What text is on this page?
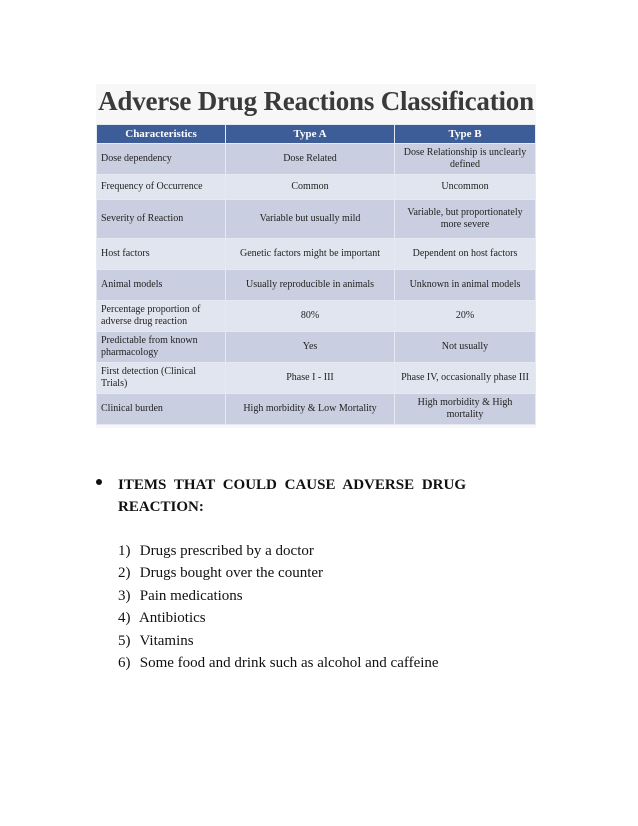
Adverse Drug Reactions Classification
Characteristics	Type A	Type B
Dose dependency	Dose Related	Dose Relationship is unclearly defined
Frequency of Occurrence	Common	Uncommon
Severity of Reaction	Variable but usually mild	Variable, but proportionately more severe
Host factors	Genetic factors might be important	Dependent on host factors
Animal models	Usually reproducible in animals	Unknown in animal models
Percentage proportion of adverse drug reaction	80%	20%
Predictable from known pharmacology	Yes	Not usually
First detection (Clinical Trials)	Phase I - III	Phase IV, occasionally phase III
Clinical burden	High morbidity & Low Mortality	High morbidity & High mortality
ITEMS THAT COULD CAUSE ADVERSE DRUG REACTION:
1) Drugs prescribed by a doctor
2) Drugs bought over the counter
3) Pain medications
4) Antibiotics
5) Vitamins
6) Some food and drink such as alcohol and caffeine
